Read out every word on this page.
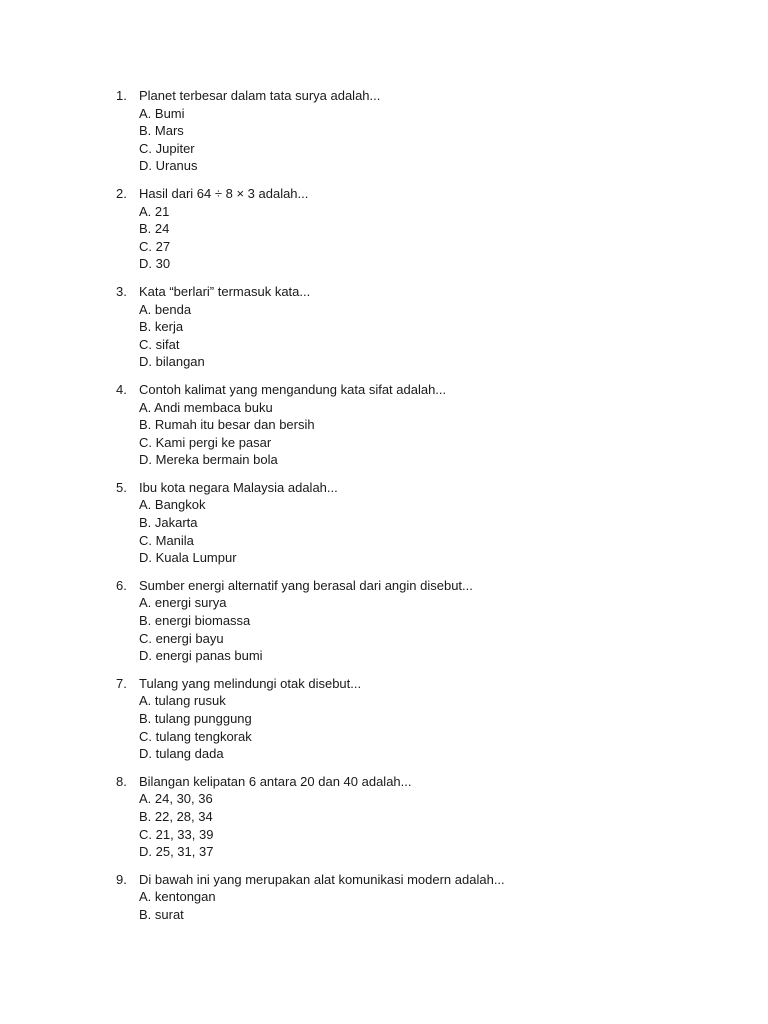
1. Planet terbesar dalam tata surya adalah...
A. Bumi
B. Mars
C. Jupiter
D. Uranus
2. Hasil dari 64 ÷ 8 × 3 adalah...
A. 21
B. 24
C. 27
D. 30
3. Kata “berlari” termasuk kata...
A. benda
B. kerja
C. sifat
D. bilangan
4. Contoh kalimat yang mengandung kata sifat adalah...
A. Andi membaca buku
B. Rumah itu besar dan bersih
C. Kami pergi ke pasar
D. Mereka bermain bola
5. Ibu kota negara Malaysia adalah...
A. Bangkok
B. Jakarta
C. Manila
D. Kuala Lumpur
6. Sumber energi alternatif yang berasal dari angin disebut...
A. energi surya
B. energi biomassa
C. energi bayu
D. energi panas bumi
7. Tulang yang melindungi otak disebut...
A. tulang rusuk
B. tulang punggung
C. tulang tengkorak
D. tulang dada
8. Bilangan kelipatan 6 antara 20 dan 40 adalah...
A. 24, 30, 36
B. 22, 28, 34
C. 21, 33, 39
D. 25, 31, 37
9. Di bawah ini yang merupakan alat komunikasi modern adalah...
A. kentongan
B. surat
